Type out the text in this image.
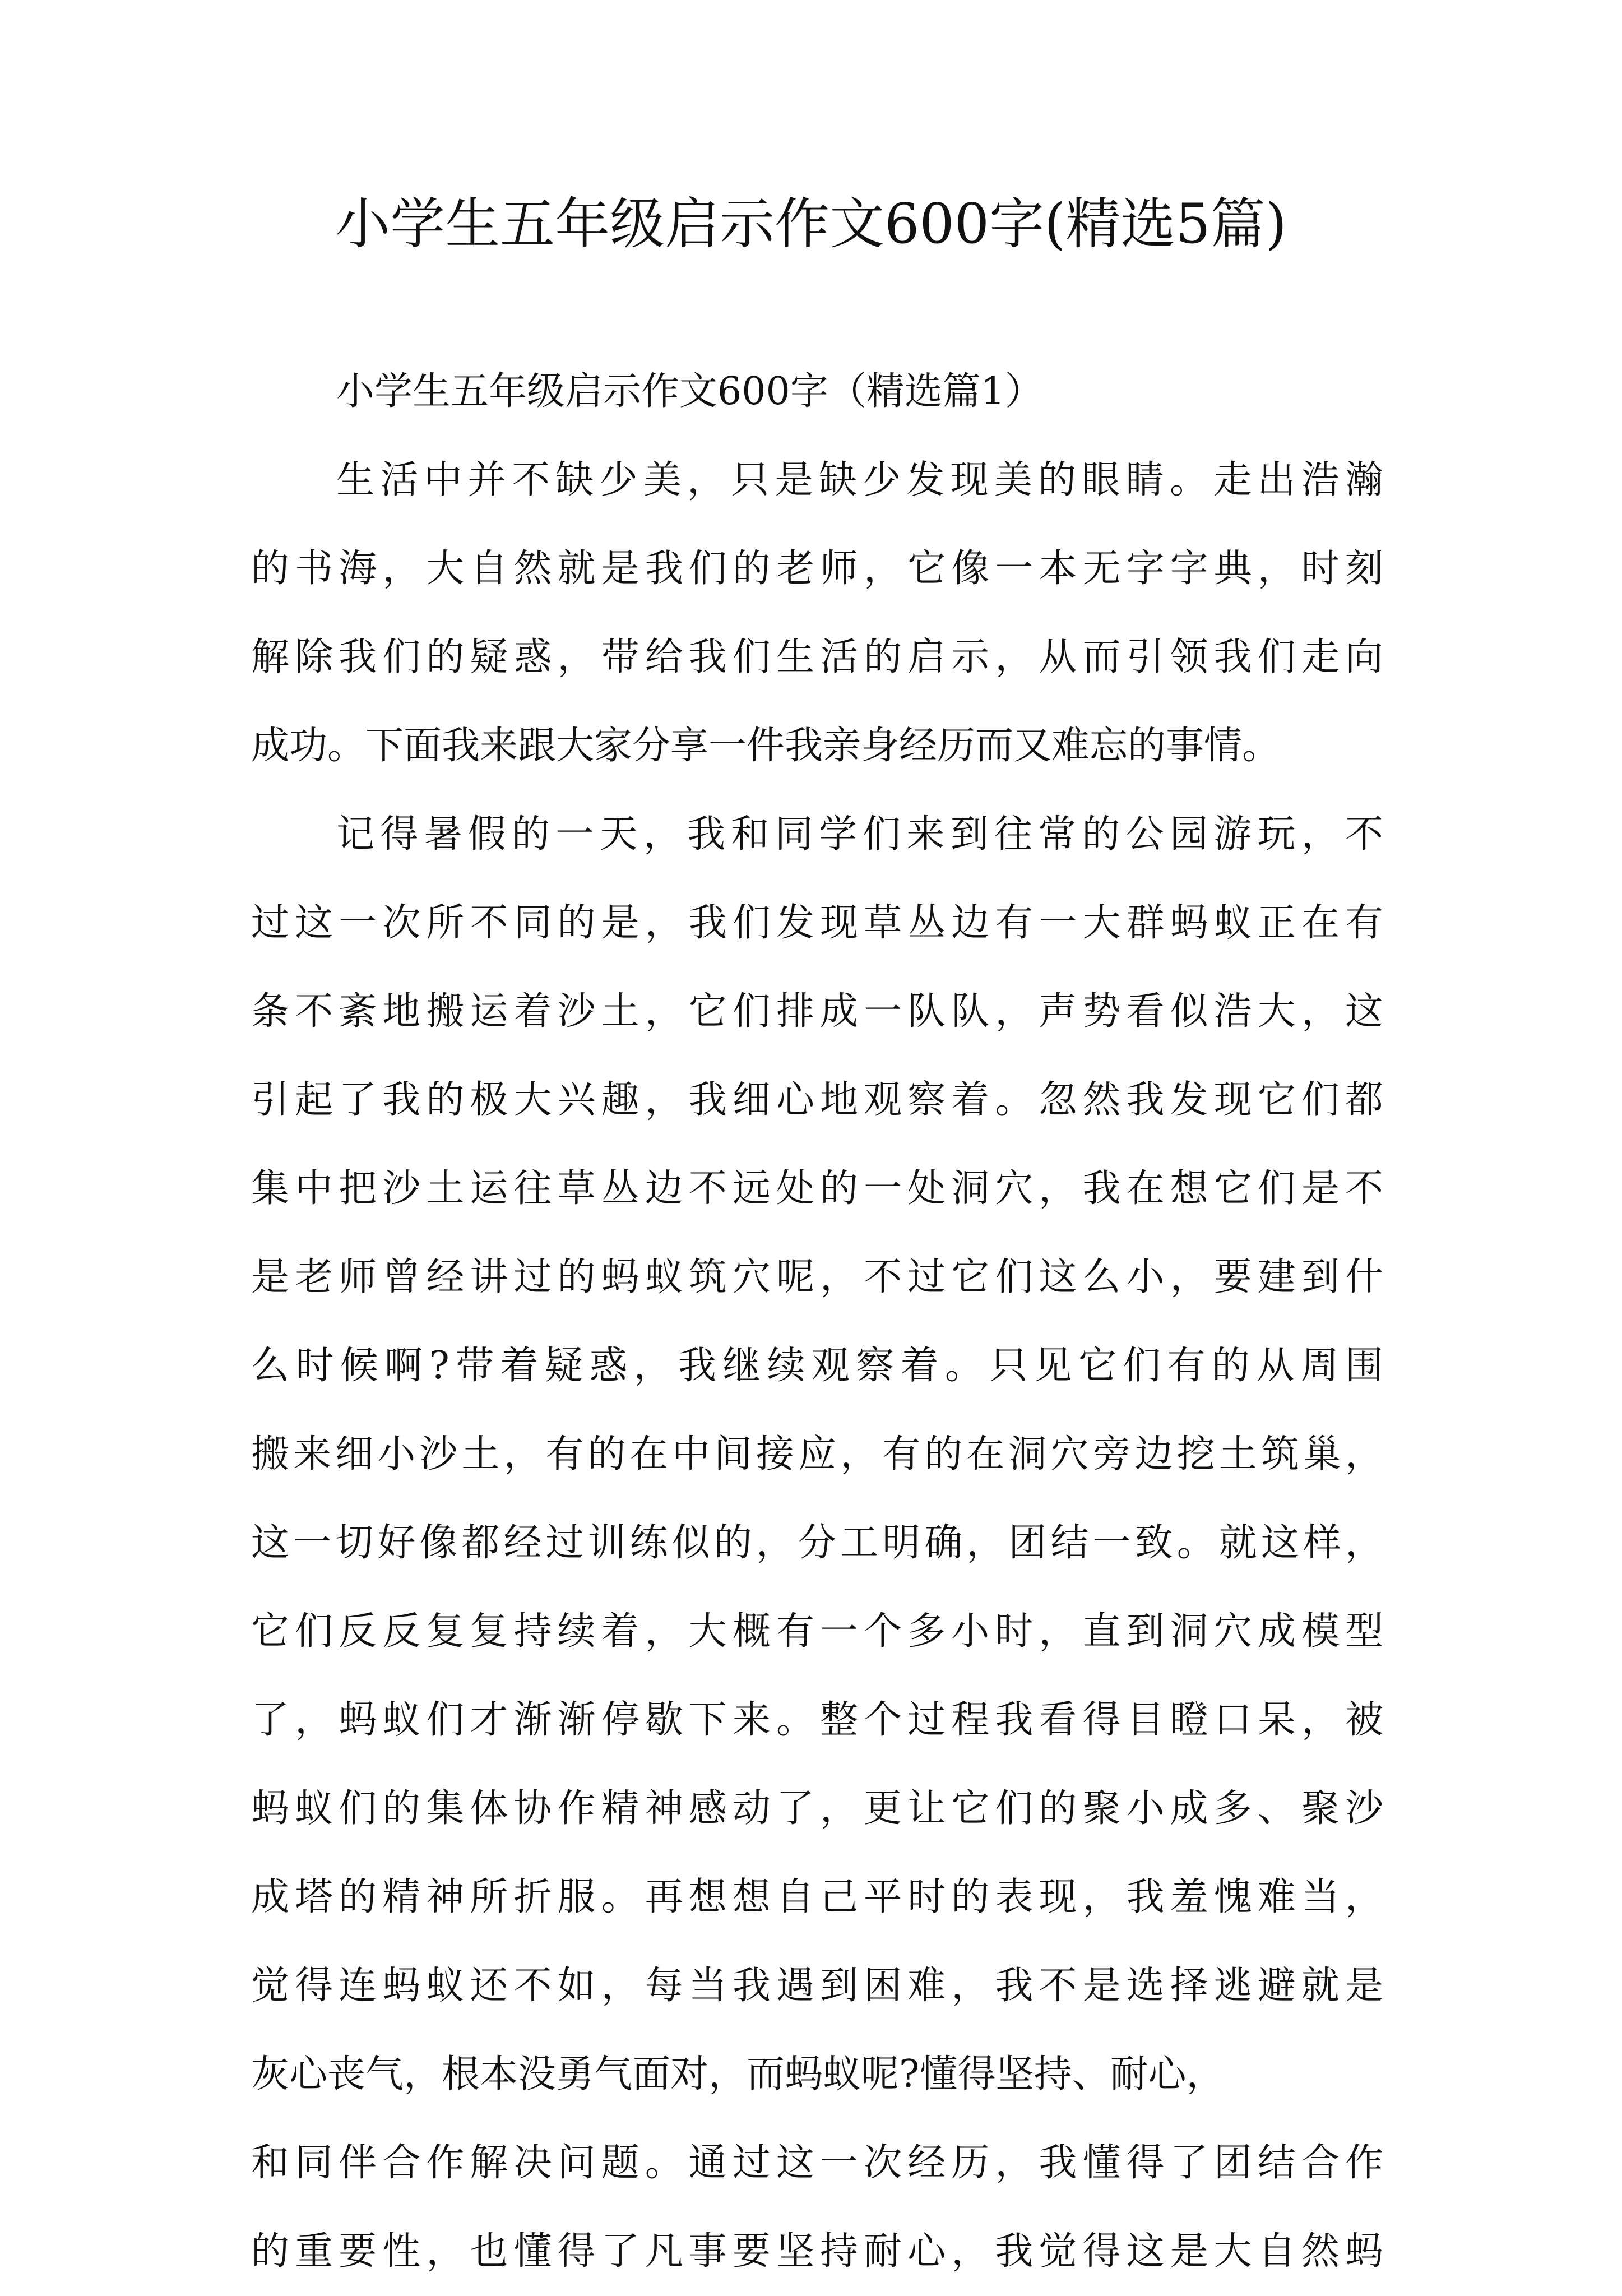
小学生五年级启示作文600字(精选5篇)
小学生五年级启示作文600字（精选篇1）
生活中并不缺少美，只是缺少发现美的眼睛。走出浩瀚
的书海，大自然就是我们的老师，它像一本无字字典，时刻
解除我们的疑惑，带给我们生活的启示，从而引领我们走向
成功。下面我来跟大家分享一件我亲身经历而又难忘的事情。
记得暑假的一天，我和同学们来到往常的公园游玩，不
过这一次所不同的是，我们发现草丛边有一大群蚂蚁正在有
条不紊地搬运着沙土，它们排成一队队，声势看似浩大，这
引起了我的极大兴趣，我细心地观察着。忽然我发现它们都
集中把沙土运往草丛边不远处的一处洞穴，我在想它们是不
是老师曾经讲过的蚂蚁筑穴呢，不过它们这么小，要建到什
么时候啊?带着疑惑，我继续观察着。只见它们有的从周围
搬来细小沙土，有的在中间接应，有的在洞穴旁边挖土筑巢，
这一切好像都经过训练似的，分工明确，团结一致。就这样，
它们反反复复持续着，大概有一个多小时，直到洞穴成模型
了，蚂蚁们才渐渐停歇下来。整个过程我看得目瞪口呆，被
蚂蚁们的集体协作精神感动了，更让它们的聚小成多、聚沙
成塔的精神所折服。再想想自己平时的表现，我羞愧难当，
觉得连蚂蚁还不如，每当我遇到困难，我不是选择逃避就是
灰心丧气，根本没勇气面对，而蚂蚁呢?懂得坚持、耐心，
和同伴合作解决问题。通过这一次经历，我懂得了团结合作
的重要性，也懂得了凡事要坚持耐心，我觉得这是大自然蚂
